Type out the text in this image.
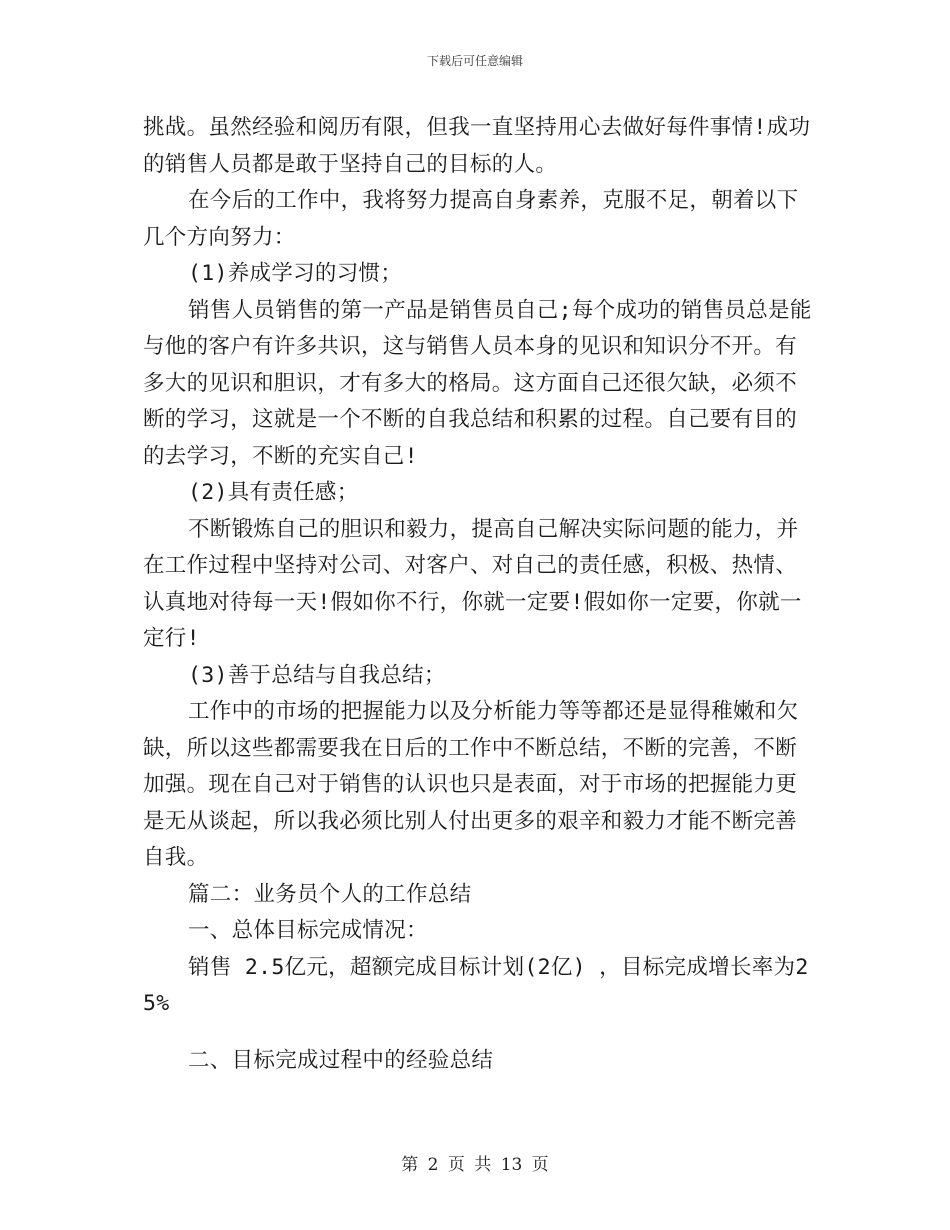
下载后可任意编辑

挑战。虽然经验和阅历有限，但我一直坚持用心去做好每件事情!成功的销售人员都是敢于坚持自己的目标的人。

在今后的工作中，我将努力提高自身素养，克服不足，朝着以下几个方向努力：

(1)养成学习的习惯；

销售人员销售的第一产品是销售员自己;每个成功的销售员总是能与他的客户有许多共识，这与销售人员本身的见识和知识分不开。有多大的见识和胆识，才有多大的格局。这方面自己还很欠缺，必须不断的学习，这就是一个不断的自我总结和积累的过程。自己要有目的的去学习，不断的充实自己!

(2)具有责任感；

不断锻炼自己的胆识和毅力，提高自己解决实际问题的能力，并在工作过程中坚持对公司、对客户、对自己的责任感，积极、热情、认真地对待每一天!假如你不行，你就一定要!假如你一定要，你就一定行!

(3)善于总结与自我总结；

工作中的市场的把握能力以及分析能力等等都还是显得稚嫩和欠缺，所以这些都需要我在日后的工作中不断总结，不断的完善，不断加强。现在自己对于销售的认识也只是表面，对于市场的把握能力更是无从谈起，所以我必须比别人付出更多的艰辛和毅力才能不断完善自我。

篇二：业务员个人的工作总结

一、总体目标完成情况：

销售 2.5亿元，超额完成目标计划(2亿) ，目标完成增长率为25%

二、目标完成过程中的经验总结

第 2 页 共 13 页
